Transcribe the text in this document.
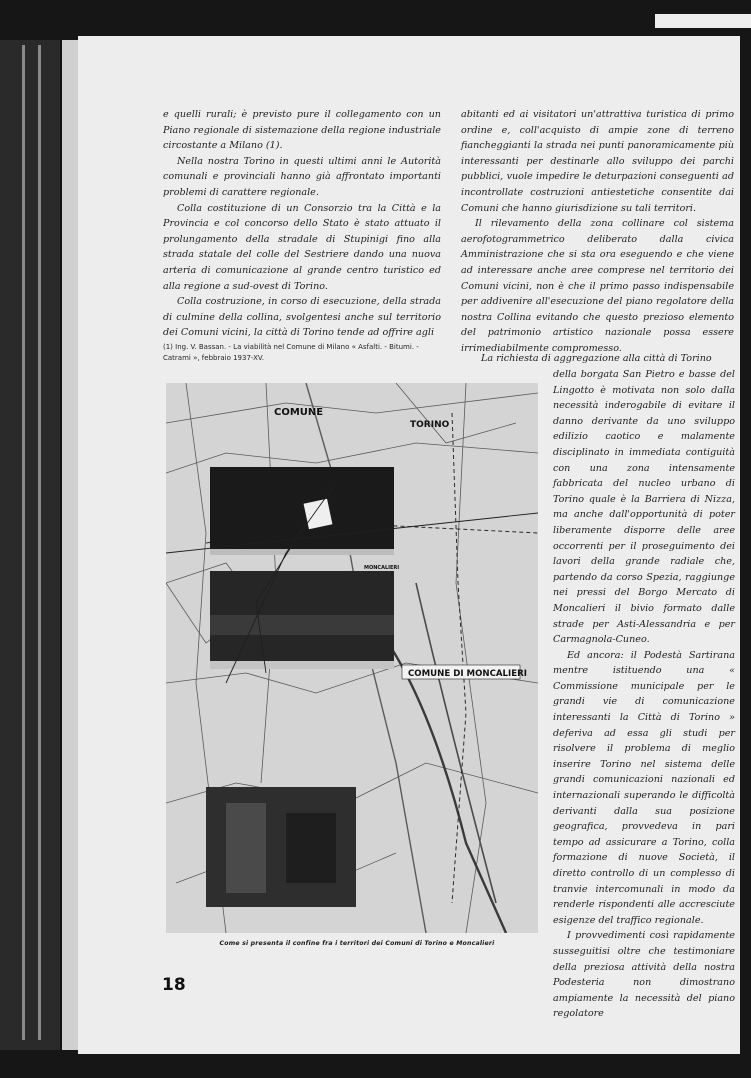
e quelli rurali; è previsto pure il collegamento con un Piano regionale di sistemazione della regione industriale circostante a Milano (1).

Nella nostra Torino in questi ultimi anni le Autorità comunali e provinciali hanno già affrontato importanti problemi di carattere regionale.

Colla costituzione di un Consorzio tra la Città e la Provincia e col concorso dello Stato è stato attuato il prolungamento della stradale di Stupinigi fino alla strada statale del colle del Sestriere dando una nuova arteria di comunicazione al grande centro turistico ed alla regione a sud-ovest di Torino.

Colla costruzione, in corso di esecuzione, della strada di culmine della collina, svolgentesi anche sul territorio dei Comuni vicini, la città di Torino tende ad offrire agli

(1) Ing. V. Bassan. - La viabilità nel Comune di Milano « Asfalti. - Bitumi. - Catrami », febbraio 1937-XV.

abitanti ed ai visitatori un'attrattiva turistica di primo ordine e, coll'acquisto di ampie zone di terreno fiancheggianti la strada nei punti panoramicamente più interessanti per destinarle allo sviluppo dei parchi pubblici, vuole impedire le deturpazioni conseguenti ad incontrollate costruzioni antiestetiche consentite dai Comuni che hanno giurisdizione su tali territori.

Il rilevamento della zona collinare col sistema aerofotogrammetrico deliberato dalla civica Amministrazione che si sta ora eseguendo e che viene ad interessare anche aree comprese nel territorio dei Comuni vicini, non è che il primo passo indispensabile per addivenire all'esecuzione del piano regolatore della nostra Collina evitando che questo prezioso elemento del patrimonio artistico nazionale possa essere irrimediabilmente compromesso.

La richiesta di aggregazione alla città di Torino

della borgata San Pietro e basse del Lingotto è motivata non solo dalla necessità inderogabile di evitare il danno derivante da uno sviluppo edilizio caotico e malamente disciplinato in immediata contiguità con una zona intensamente fabbricata del nucleo urbano di Torino quale è la Barriera di Nizza, ma anche dall'opportunità di poter liberamente disporre delle aree occorrenti per il proseguimento dei lavori della grande radiale che, partendo da corso Spezia, raggiunge nei pressi del Borgo Mercato di Moncalieri il bivio formato dalle strade per Asti-Alessandria e per Carmagnola-Cuneo.

Ed ancora: il Podestà Sartirana mentre istituendo una « Commissione municipale per le grandi vie di comunicazione interessanti la Città di Torino » deferiva ad essa gli studi per risolvere il problema di meglio inserire Torino nel sistema delle grandi comunicazioni nazionali ed internazionali superando le difficoltà derivanti dalla sua posizione geografica, provvedeva in pari tempo ad assicurare a Torino, colla formazione di nuove Società, il diretto controllo di un complesso di tranvie intercomunali in modo da renderle rispondenti alle accresciute esigenze del traffico regionale.

I provvedimenti così rapidamente susseguitisi oltre che testimoniare della preziosa attività della nostra Podesteria non dimostrano ampiamente la necessità del piano regolatore

COMUNE
TORINO
MONCALIERI
COMUNE DI MONCALIERI
Come si presenta il confine fra i territori dei Comuni di Torino e Moncalieri
18
